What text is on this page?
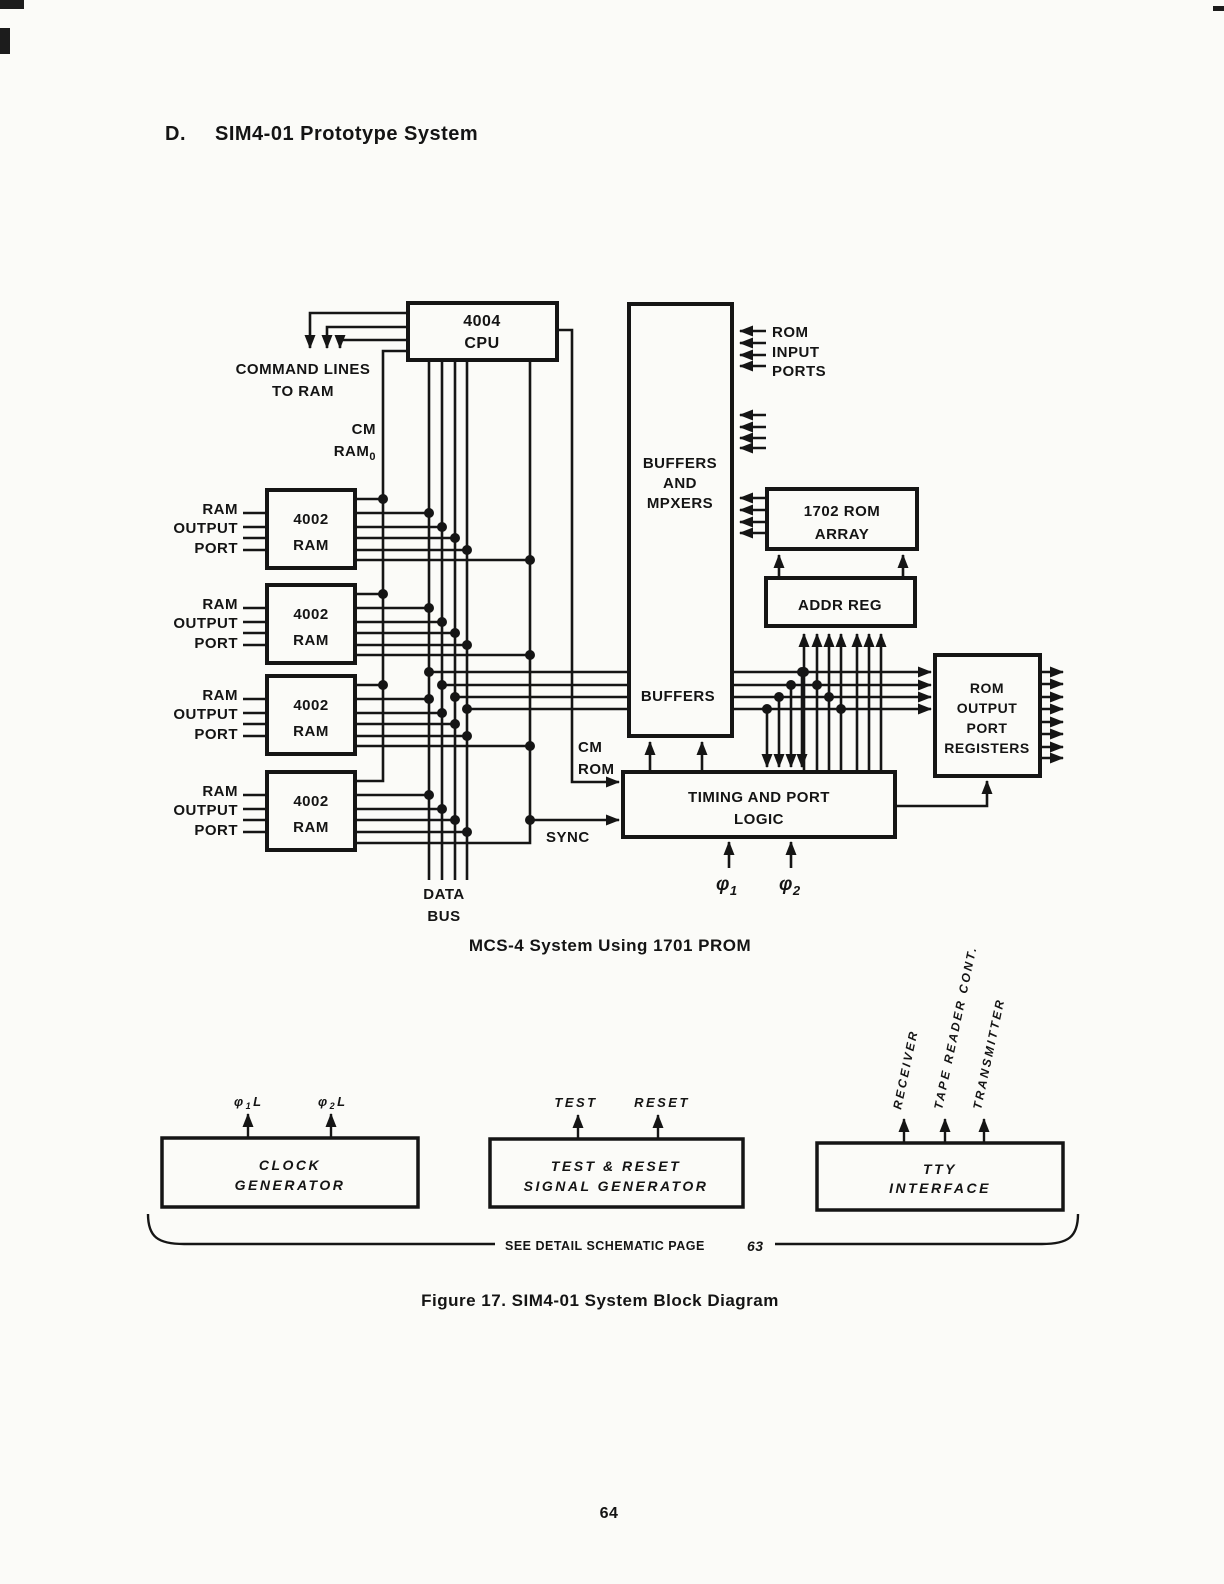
D. SIM4-01 Prototype System
4004
CPU
COMMAND LINES
TO RAM
CM
$RAM_0$
DATA
BUS
CM
ROM
SYNC
4002
RAM
RAM
OUTPUT
PORT
4002
RAM
RAM
OUTPUT
PORT
4002
RAM
RAM
OUTPUT
PORT
4002
RAM
RAM
OUTPUT
PORT
BUFFERS
AND
MPXERS
BUFFERS
ROM
INPUT
PORTS
1702 ROM
ARRAY
ADDR REG
TIMING AND PORT
LOGIC
$\varphi_1$ $\varphi_2$
ROM
OUTPUT
PORT
REGISTERS
MCS-4 System Using 1701 PROM
CLOCK
GENERATOR
$\varphi_1L$	$\varphi_2L$
TEST & RESET
SIGNAL GENERATOR
TEST	RESET
TTY
INTERFACE
RECEIVER TAPE READER CONT.
TRANSMITTER
SEE DETAIL SCHEMATIC PAGE	63
Figure 17. SIM4-01 System Block Diagram
64
